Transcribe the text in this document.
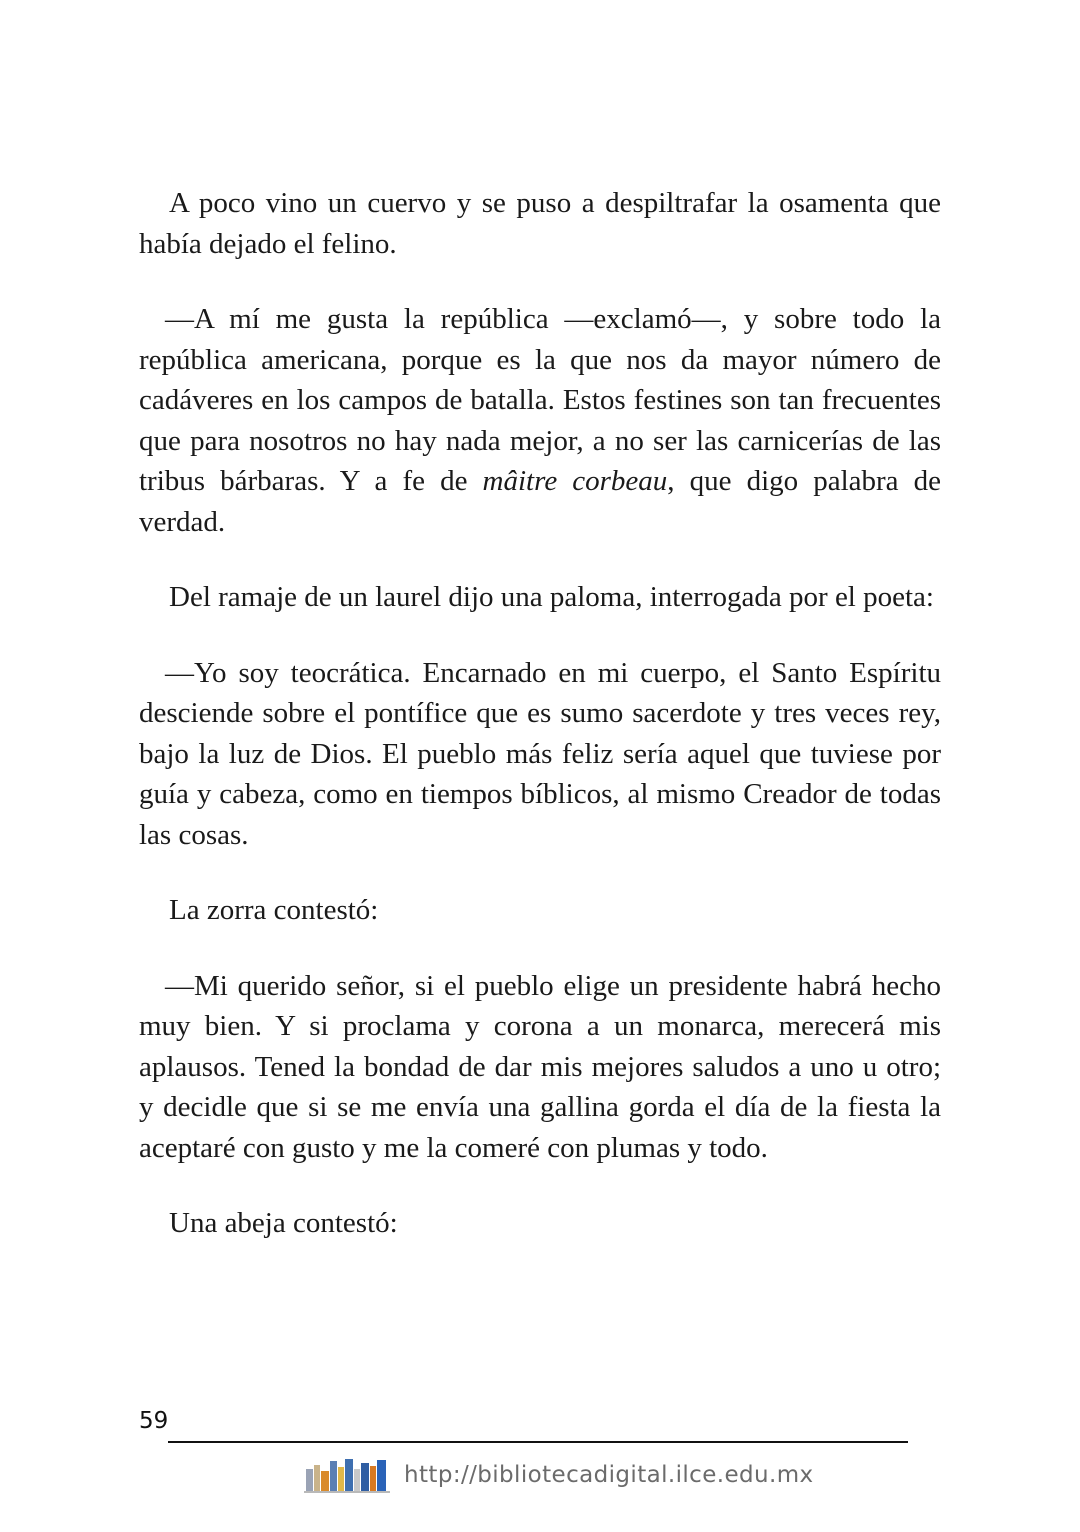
A poco vino un cuervo y se puso a despiltrafar la osamenta que había dejado el felino.

—A mí me gusta la república —exclamó—, y sobre todo la república americana, porque es la que nos da mayor número de cadáveres en los campos de batalla. Estos festines son tan frecuentes que para nosotros no hay nada mejor, a no ser las carnicerías de las tribus bárbaras. Y a fe de mâitre corbeau, que digo palabra de verdad.

Del ramaje de un laurel dijo una paloma, interrogada por el poeta:

—Yo soy teocrática. Encarnado en mi cuerpo, el Santo Espíritu desciende sobre el pontífice que es sumo sacerdote y tres veces rey, bajo la luz de Dios. El pueblo más feliz sería aquel que tuviese por guía y cabeza, como en tiempos bíblicos, al mismo Creador de todas las cosas.

La zorra contestó:

—Mi querido señor, si el pueblo elige un presidente habrá hecho muy bien. Y si proclama y corona a un monarca, merecerá mis aplausos. Tened la bondad de dar mis mejores saludos a uno u otro; y decidle que si se me envía una gallina gorda el día de la fiesta la aceptaré con gusto y me la comeré con plumas y todo.

Una abeja contestó:

59
http://bibliotecadigital.ilce.edu.mx
